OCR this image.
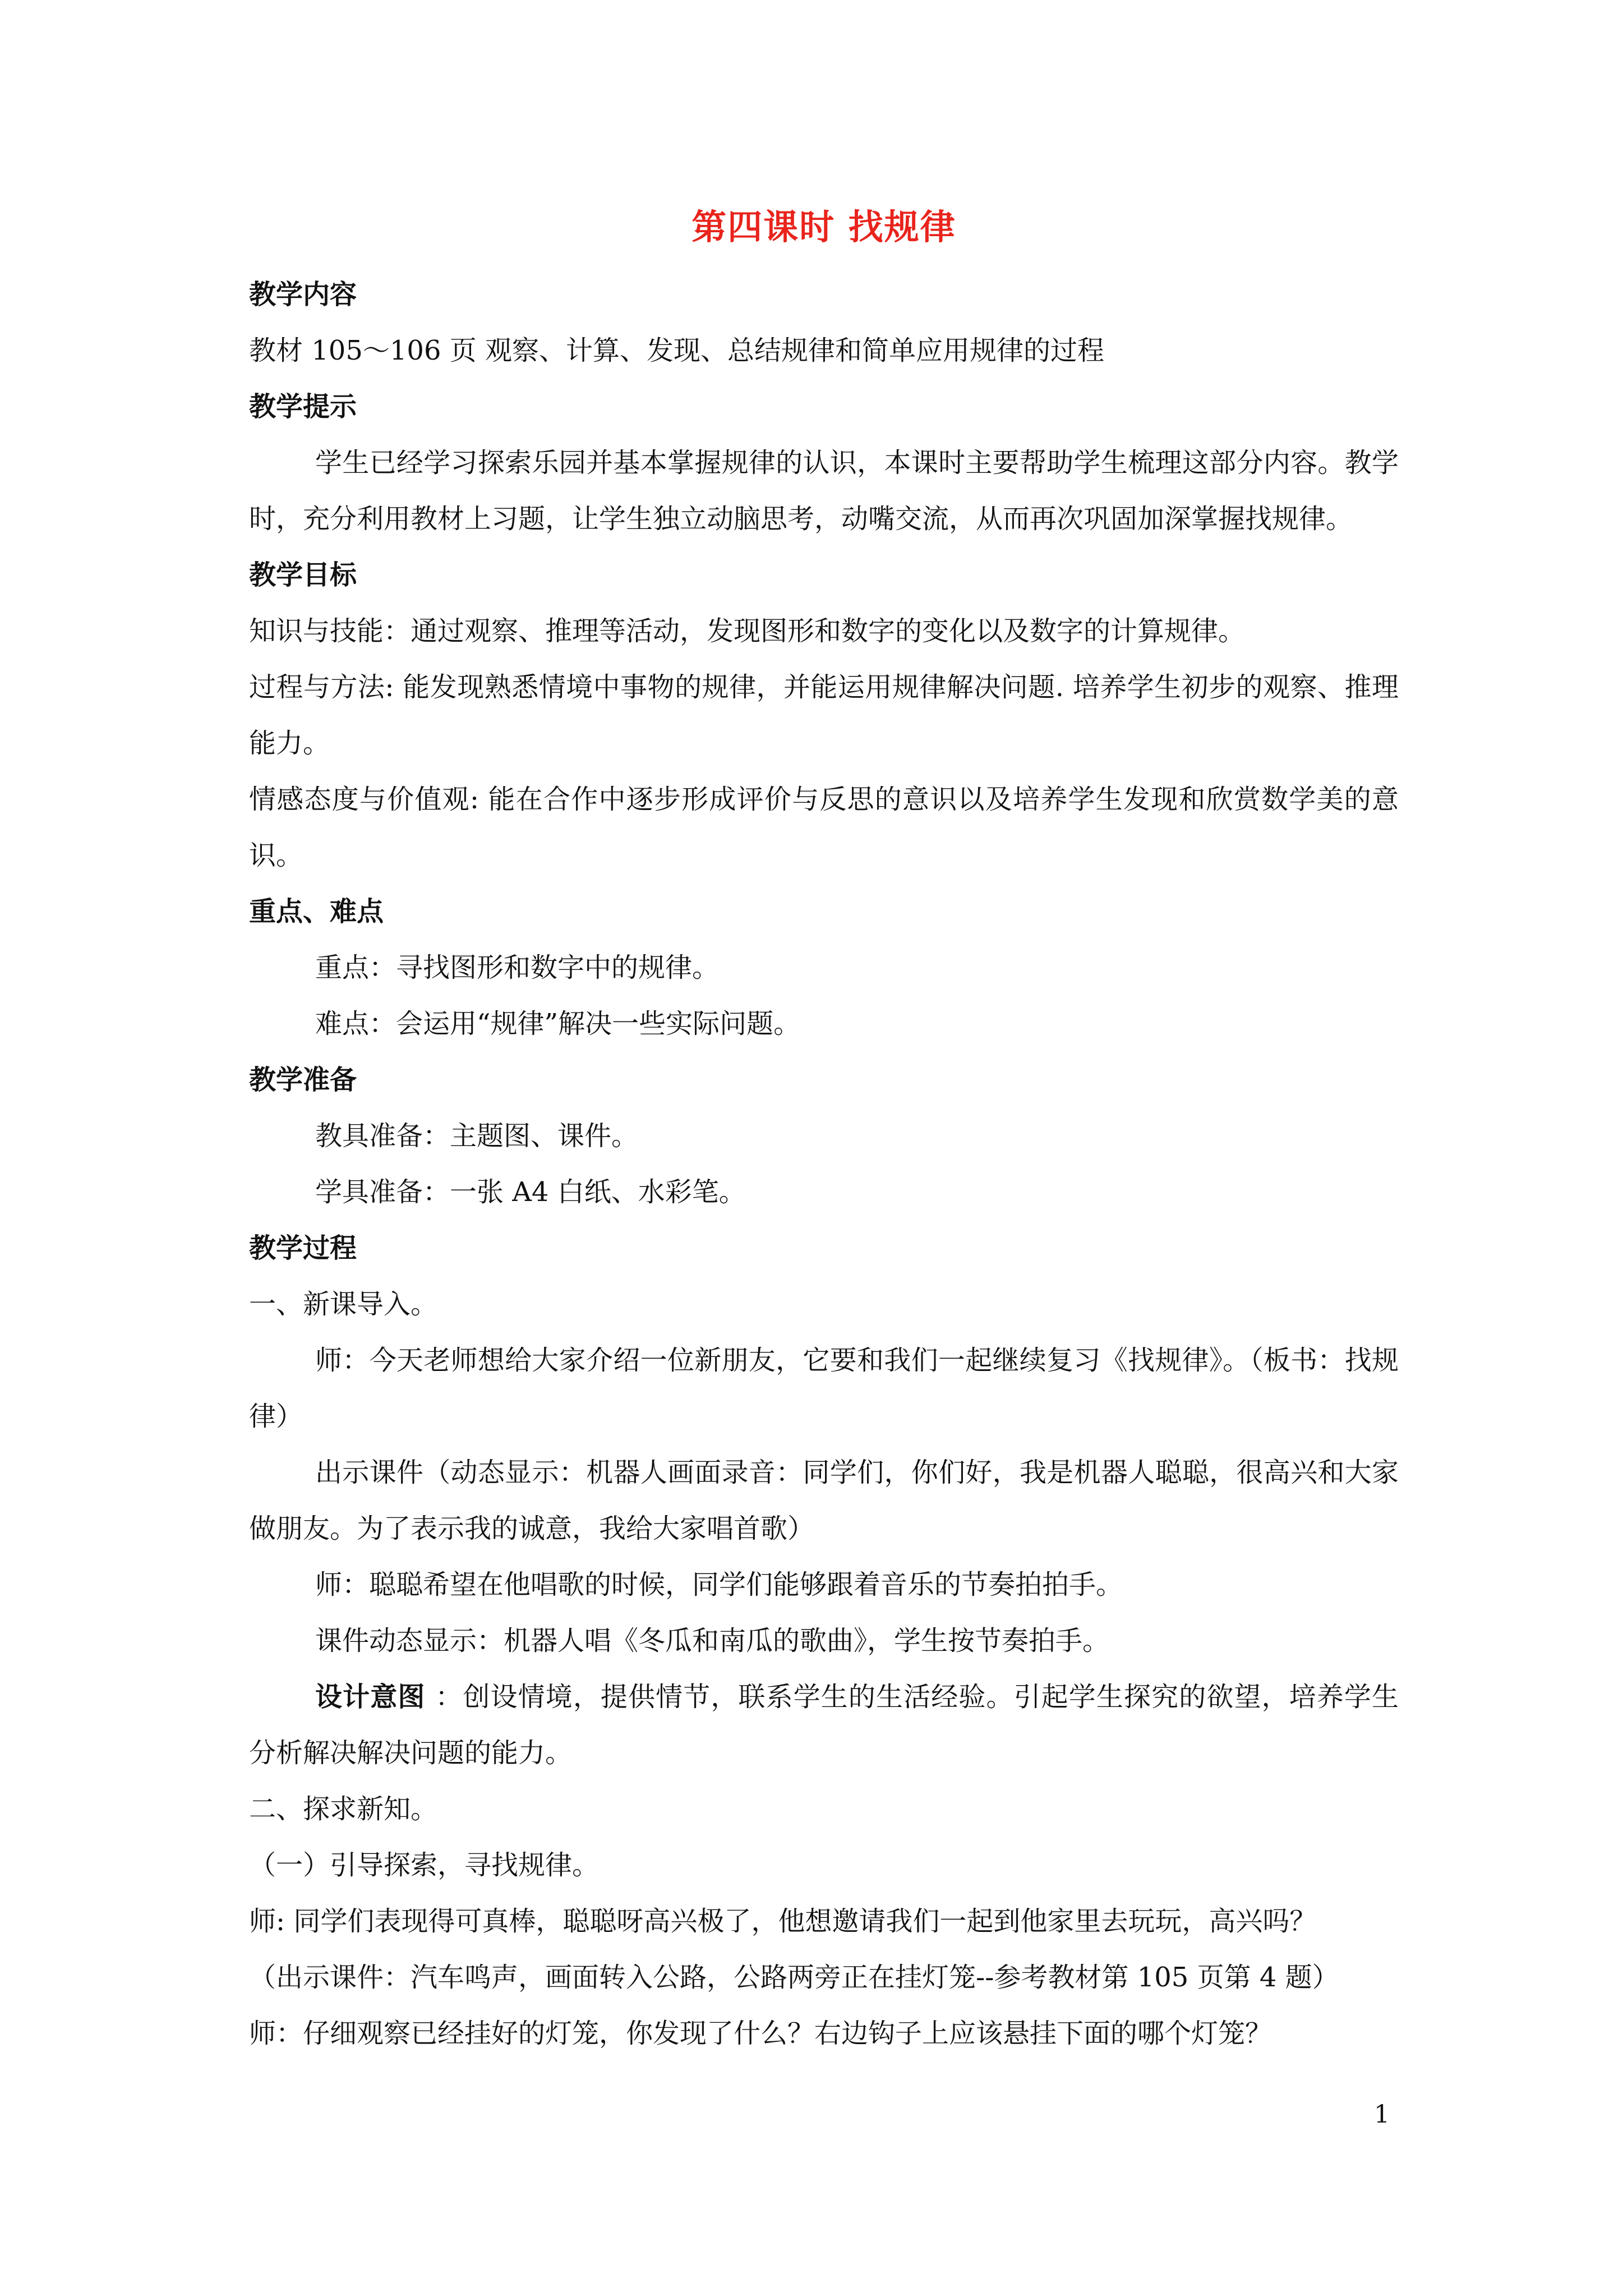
第四课时 找规律

教学内容

教材 105～106 页 观察、计算、发现、总结规律和简单应用规律的过程

教学提示

学生已经学习探索乐园并基本掌握规律的认识，本课时主要帮助学生梳理这部分内容。教学时，充分利用教材上习题，让学生独立动脑思考，动嘴交流，从而再次巩固加深掌握找规律。

教学目标

知识与技能：通过观察、推理等活动，发现图形和数字的变化以及数字的计算规律。

过程与方法: 能发现熟悉情境中事物的规律，并能运用规律解决问题. 培养学生初步的观察、推理能力。

情感态度与价值观: 能在合作中逐步形成评价与反思的意识以及培养学生发现和欣赏数学美的意识。

重点、难点

重点：寻找图形和数字中的规律。

难点：会运用“规律”解决一些实际问题。

教学准备

教具准备：主题图、课件。

学具准备：一张 A4 白纸、水彩笔。

教学过程

一、新课导入。

师：今天老师想给大家介绍一位新朋友，它要和我们一起继续复习《找规律》。（板书：找规律）

出示课件（动态显示：机器人画面录音：同学们，你们好，我是机器人聪聪，很高兴和大家做朋友。为了表示我的诚意，我给大家唱首歌）

师：聪聪希望在他唱歌的时候，同学们能够跟着音乐的节奏拍拍手。

课件动态显示：机器人唱《冬瓜和南瓜的歌曲》，学生按节奏拍手。

设计意图 ：创设情境，提供情节，联系学生的生活经验。引起学生探究的欲望，培养学生分析解决解决问题的能力。

二、探求新知。

（一）引导探索，寻找规律。

师: 同学们表现得可真棒，聪聪呀高兴极了，他想邀请我们一起到他家里去玩玩，高兴吗？

（出示课件：汽车鸣声，画面转入公路，公路两旁正在挂灯笼--参考教材第 105 页第 4 题）

师：仔细观察已经挂好的灯笼，你发现了什么？右边钩子上应该悬挂下面的哪个灯笼？

1
